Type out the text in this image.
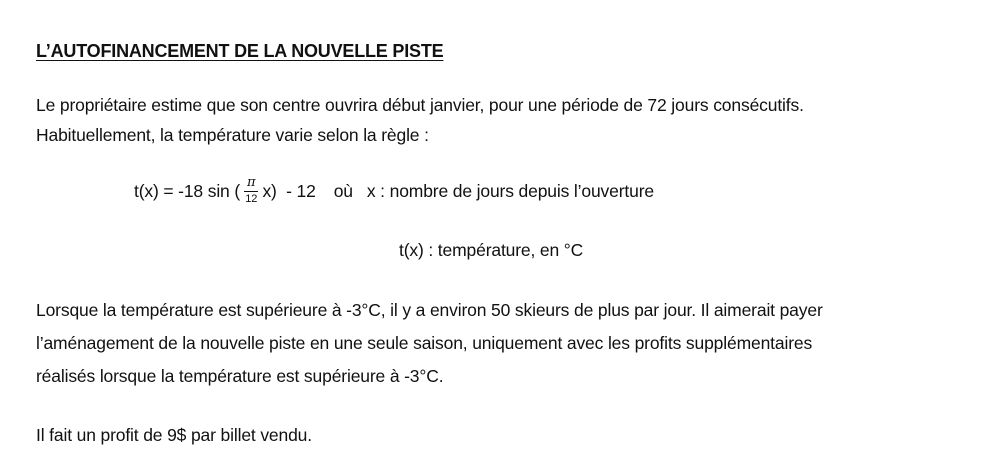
L’AUTOFINANCEMENT DE LA NOUVELLE PISTE
Le propriétaire estime que son centre ouvrira début janvier, pour une période de 72 jours consécutifs.
Habituellement, la température varie selon la règle :
t(x) = -18 sin ( $\frac{\pi}{12} x) - 12$ où x : nombre de jours depuis l’ouverture
t(x) : température, en °C
Lorsque la température est supérieure à -3°C, il y a environ 50 skieurs de plus par jour. Il aimerait payer
l’aménagement de la nouvelle piste en une seule saison, uniquement avec les profits supplémentaires
réalisés lorsque la température est supérieure à -3°C.
Il fait un profit de 9$ par billet vendu.
